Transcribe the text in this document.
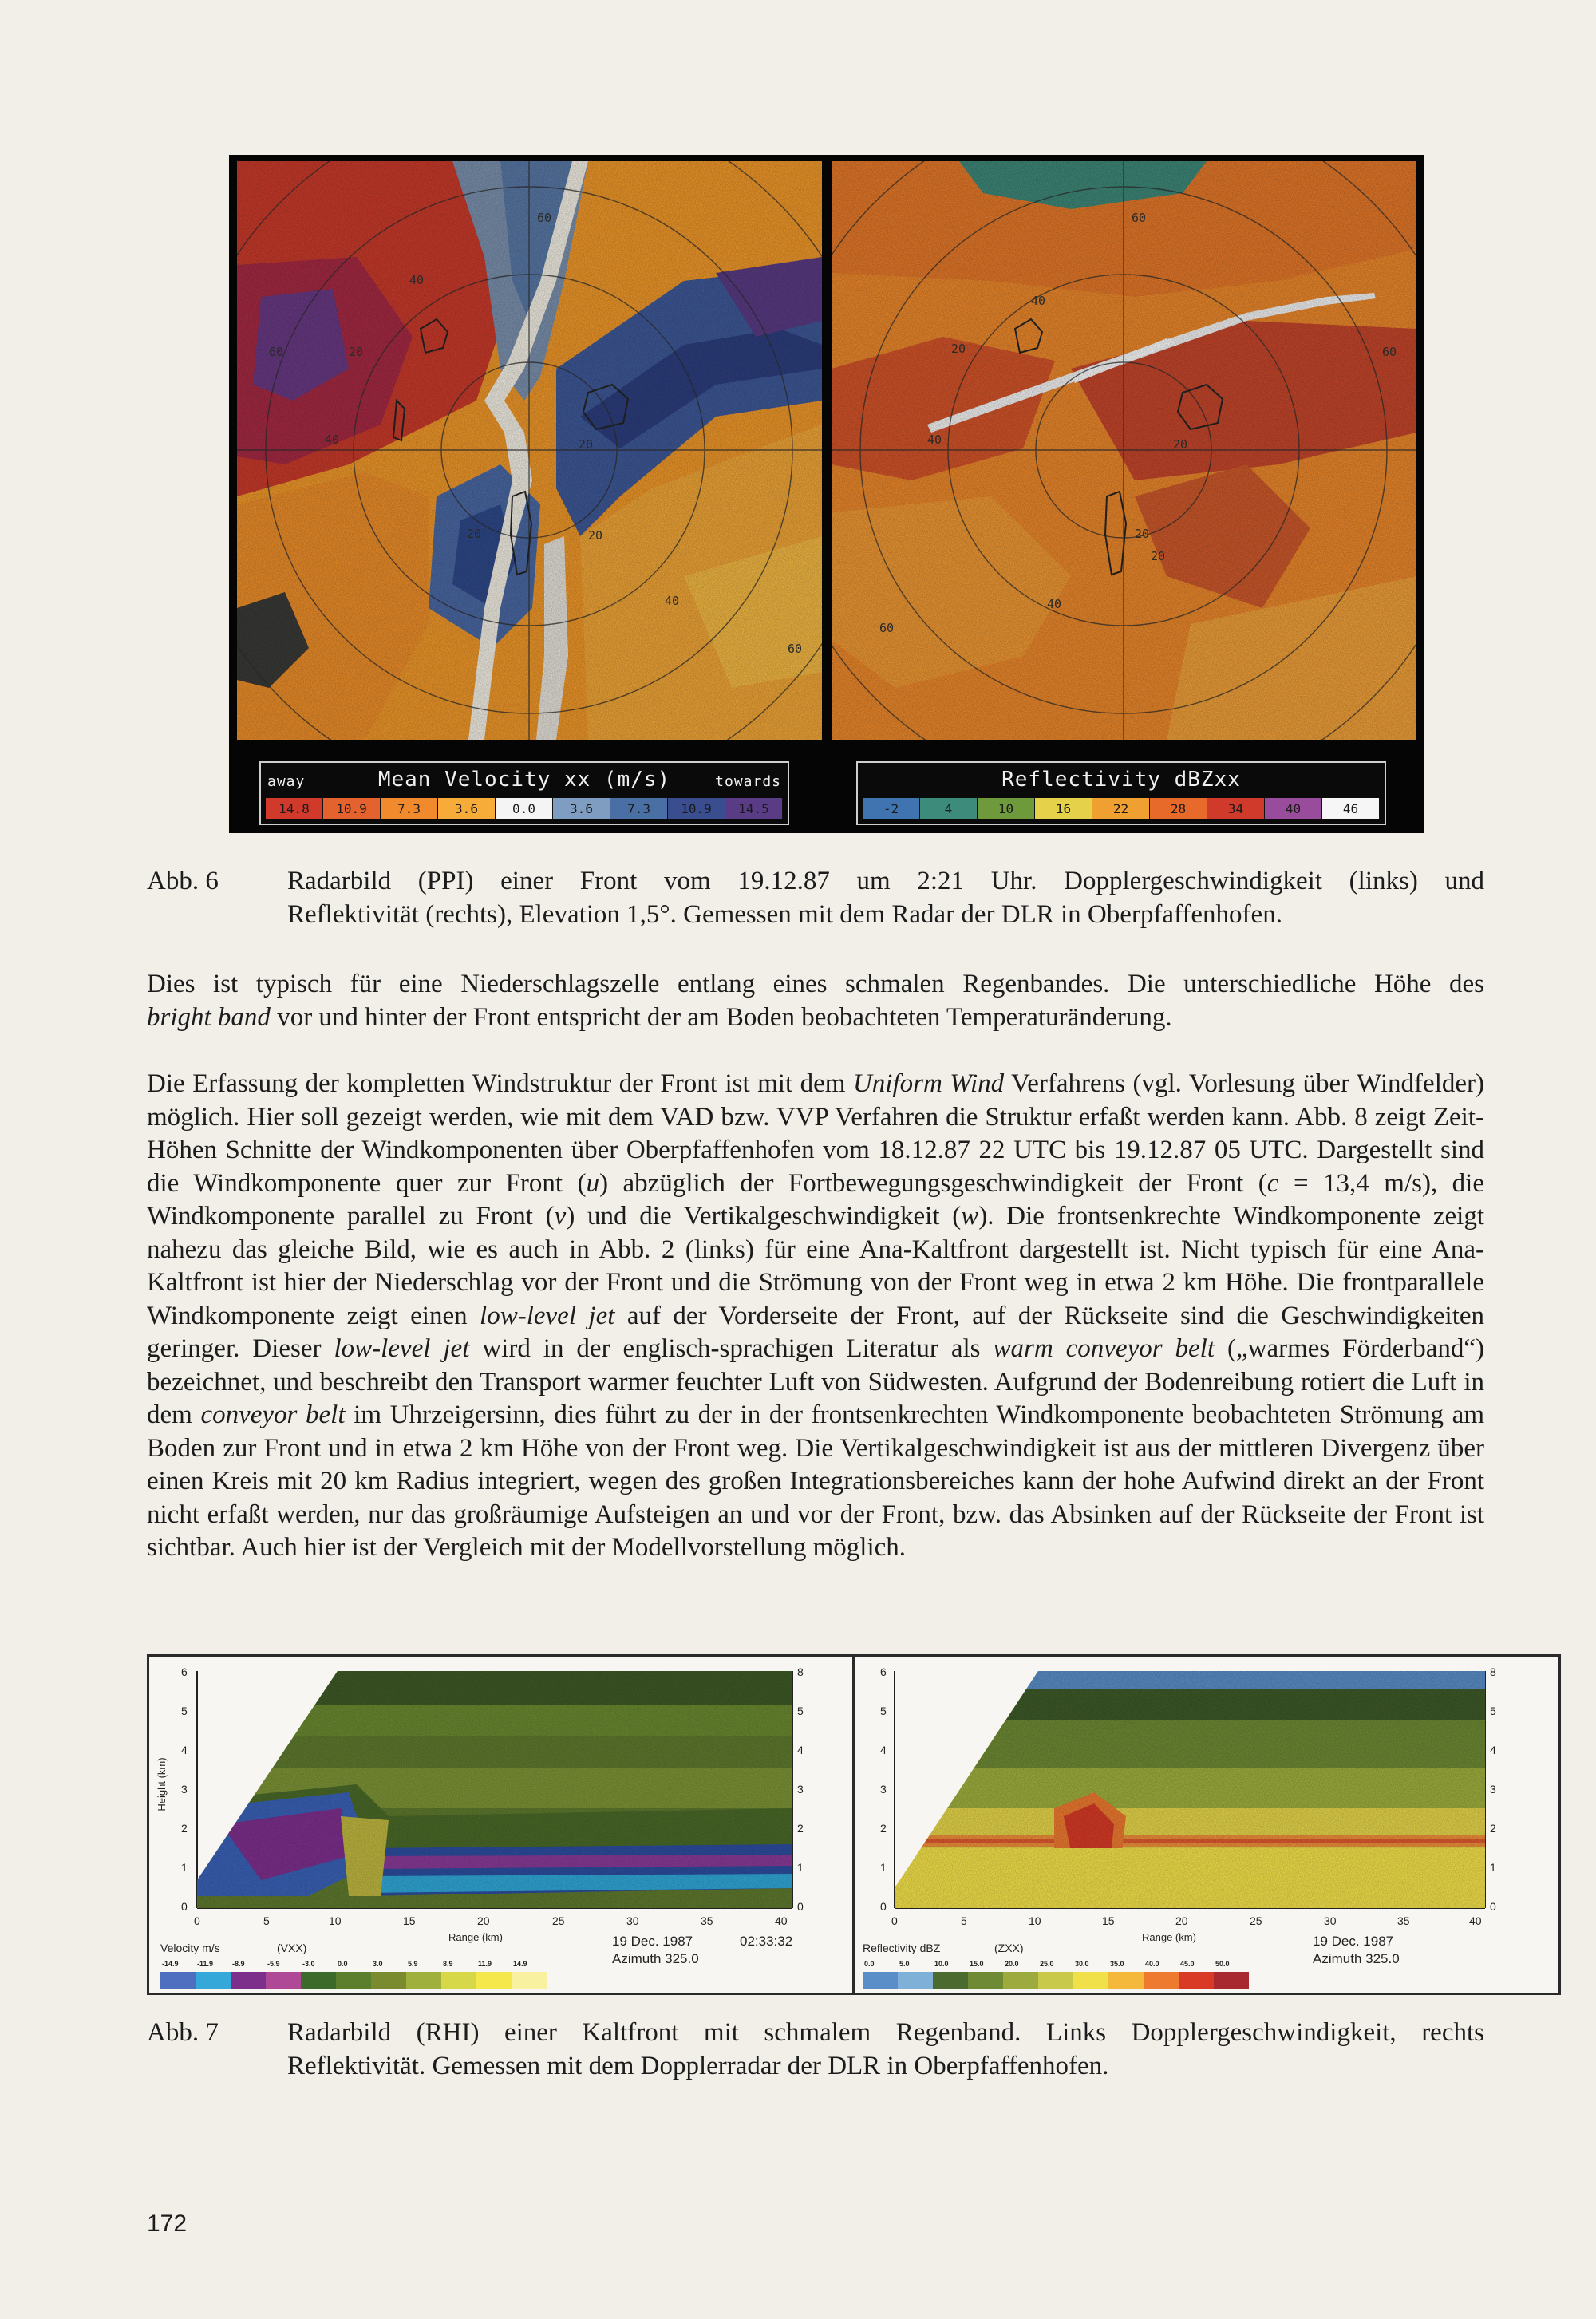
60
40
20
20
40
60
20
60
40
20
60
40
20
20
40
60
20
60
40
20
away	Mean Velocity xx (m/s)	towards
14.8	10.9	7.3	3.6	0.0	3.6	7.3	10.9	14.5
Reflectivity dBZxx
-2	4	10	16	22	28	34	40	46
Abb. 6	Radarbild (PPI) einer Front vom 19.12.87 um 2:21 Uhr. Dopplergeschwindigkeit (links) und
Reflektivität (rechts), Elevation 1,5°. Gemessen mit dem Radar der DLR in Oberpfaffenhofen.
Dies ist typisch für eine Niederschlagszelle entlang eines schmalen Regenbandes. Die unterschiedliche Höhe des
bright band vor und hinter der Front entspricht der am Boden beobachteten Temperaturänderung.
Die Erfassung der kompletten Windstruktur der Front ist mit dem Uniform Wind Verfahrens (vgl. Vorlesung über Windfelder) möglich. Hier soll gezeigt werden, wie mit dem VAD bzw. VVP Verfahren die Struktur erfaßt werden kann. Abb. 8 zeigt Zeit-Höhen Schnitte der Windkomponenten über Oberpfaffenhofen vom 18.12.87 22 UTC bis 19.12.87 05 UTC. Dargestellt sind die Windkomponente quer zur Front (u) abzüglich der Fortbewegungsgeschwindigkeit der Front (c = 13,4 m/s), die Windkomponente parallel zu Front (v) und die Vertikalgeschwindigkeit (w). Die frontsenkrechte Windkomponente zeigt nahezu das gleiche Bild, wie es auch in Abb. 2 (links) für eine Ana-Kaltfront dargestellt ist. Nicht typisch für eine Ana-Kaltfront ist hier der Niederschlag vor der Front und die Strömung von der Front weg in etwa 2 km Höhe. Die frontparallele Windkomponente zeigt einen low-level jet auf der Vorderseite der Front, auf der Rückseite sind die Geschwindigkeiten geringer. Dieser low-level jet wird in der englisch-sprachigen Literatur als warm conveyor belt („warmes Förderband“) bezeichnet, und beschreibt den Transport warmer feuchter Luft von Südwesten. Aufgrund der Bodenreibung rotiert die Luft in dem conveyor belt im Uhrzeigersinn, dies führt zu der in der frontsenkrechten Windkomponente beobachteten Strömung am Boden zur Front und in etwa 2 km Höhe von der Front weg. Die Vertikalgeschwindigkeit ist aus der mittleren Divergenz über einen Kreis mit 20 km Radius integriert, wegen des großen Integrationsbereiches kann der hohe Aufwind direkt an der Front nicht erfaßt werden, nur das großräumige Aufsteigen an und vor der Front, bzw. das Absinken auf der Rückseite der Front ist sichtbar. Auch hier ist der Vergleich mit der Modellvorstellung möglich.
6
5
4
3
2
1
0
8
5
4
3
2
1
0
0	5	10	15	20	25	30	35	40
Range (km)
Height (km)
Velocity m/s	(VXX)	19 Dec. 1987	02:33:32
Azimuth 325.0
-14.9	-11.9	-8.9	-5.9	-3.0	0.0	3.0	5.9	8.9	11.9	14.9
6
5
4
3
2
1
0
8
5
4
3
2
1
0
0	5	10	15	20	25	30	35	40
Range (km)
Reflectivity dBZ	(ZXX)	19 Dec. 1987
Azimuth 325.0
0.0	5.0	10.0	15.0	20.0	25.0	30.0	35.0	40.0	45.0	50.0
Abb. 7	Radarbild (RHI) einer Kaltfront mit schmalem Regenband. Links Dopplergeschwindigkeit, rechts
Reflektivität. Gemessen mit dem Dopplerradar der DLR in Oberpfaffenhofen.
172
